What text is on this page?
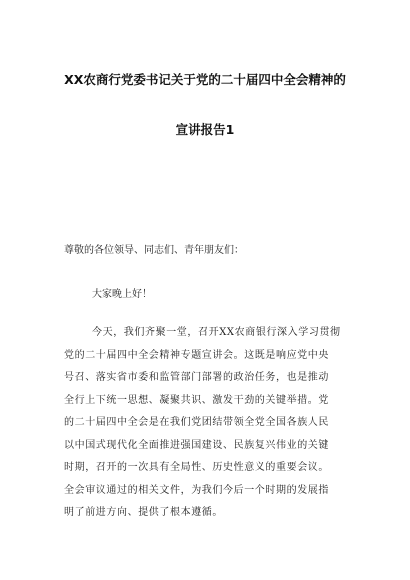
XX农商行党委书记关于党的二十届四中全会精神的
宣讲报告1
尊敬的各位领导、同志们、青年朋友们：
大家晚上好！
今天，我们齐聚一堂，召开XX农商银行深入学习贯彻
党的二十届四中全会精神专题宣讲会。这既是响应党中央
号召、落实省市委和监管部门部署的政治任务，也是推动
全行上下统一思想、凝聚共识、激发干劲的关键举措。党
的二十届四中全会是在我们党团结带领全党全国各族人民
以中国式现代化全面推进强国建设、民族复兴伟业的关键
时期，召开的一次具有全局性、历史性意义的重要会议。
全会审议通过的相关文件，为我们今后一个时期的发展指
明了前进方向、提供了根本遵循。
